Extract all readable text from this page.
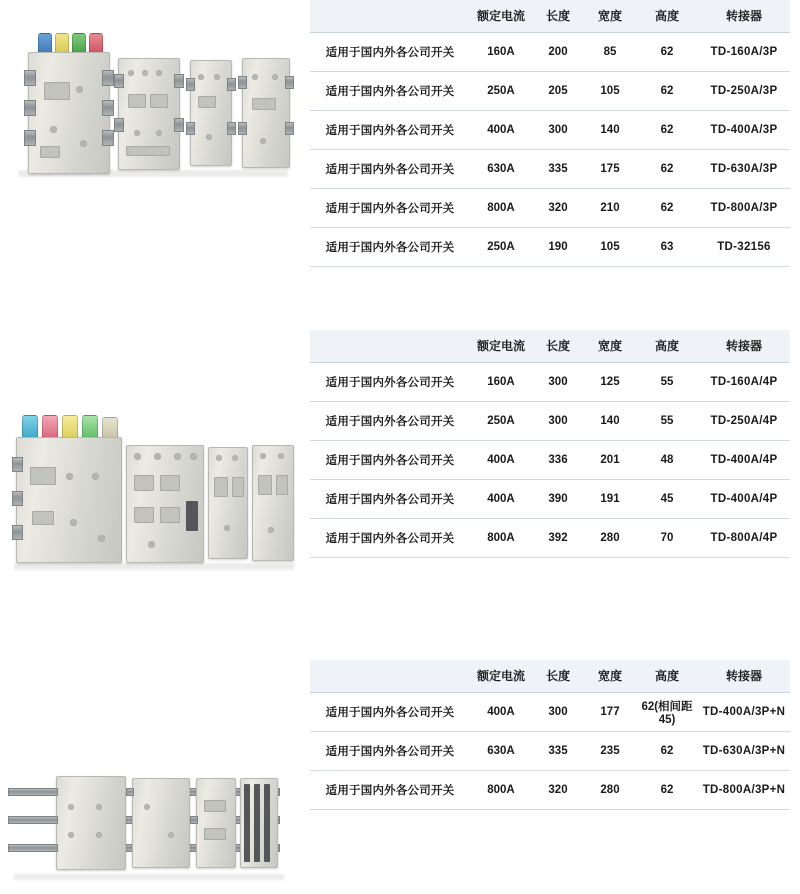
	额定电流	长度	宽度	高度	转接器
适用于国内外各公司开关	160A	200	85	62	TD-160A/3P
适用于国内外各公司开关	250A	205	105	62	TD-250A/3P
适用于国内外各公司开关	400A	300	140	62	TD-400A/3P
适用于国内外各公司开关	630A	335	175	62	TD-630A/3P
适用于国内外各公司开关	800A	320	210	62	TD-800A/3P
适用于国内外各公司开关	250A	190	105	63	TD-32156
	额定电流	长度	宽度	高度	转接器
适用于国内外各公司开关	160A	300	125	55	TD-160A/4P
适用于国内外各公司开关	250A	300	140	55	TD-250A/4P
适用于国内外各公司开关	400A	336	201	48	TD-400A/4P
适用于国内外各公司开关	400A	390	191	45	TD-400A/4P
适用于国内外各公司开关	800A	392	280	70	TD-800A/4P
	额定电流	长度	宽度	高度	转接器
适用于国内外各公司开关	400A	300	177	62(相间距45)	TD-400A/3P+N
适用于国内外各公司开关	630A	335	235	62	TD-630A/3P+N
适用于国内外各公司开关	800A	320	280	62	TD-800A/3P+N
